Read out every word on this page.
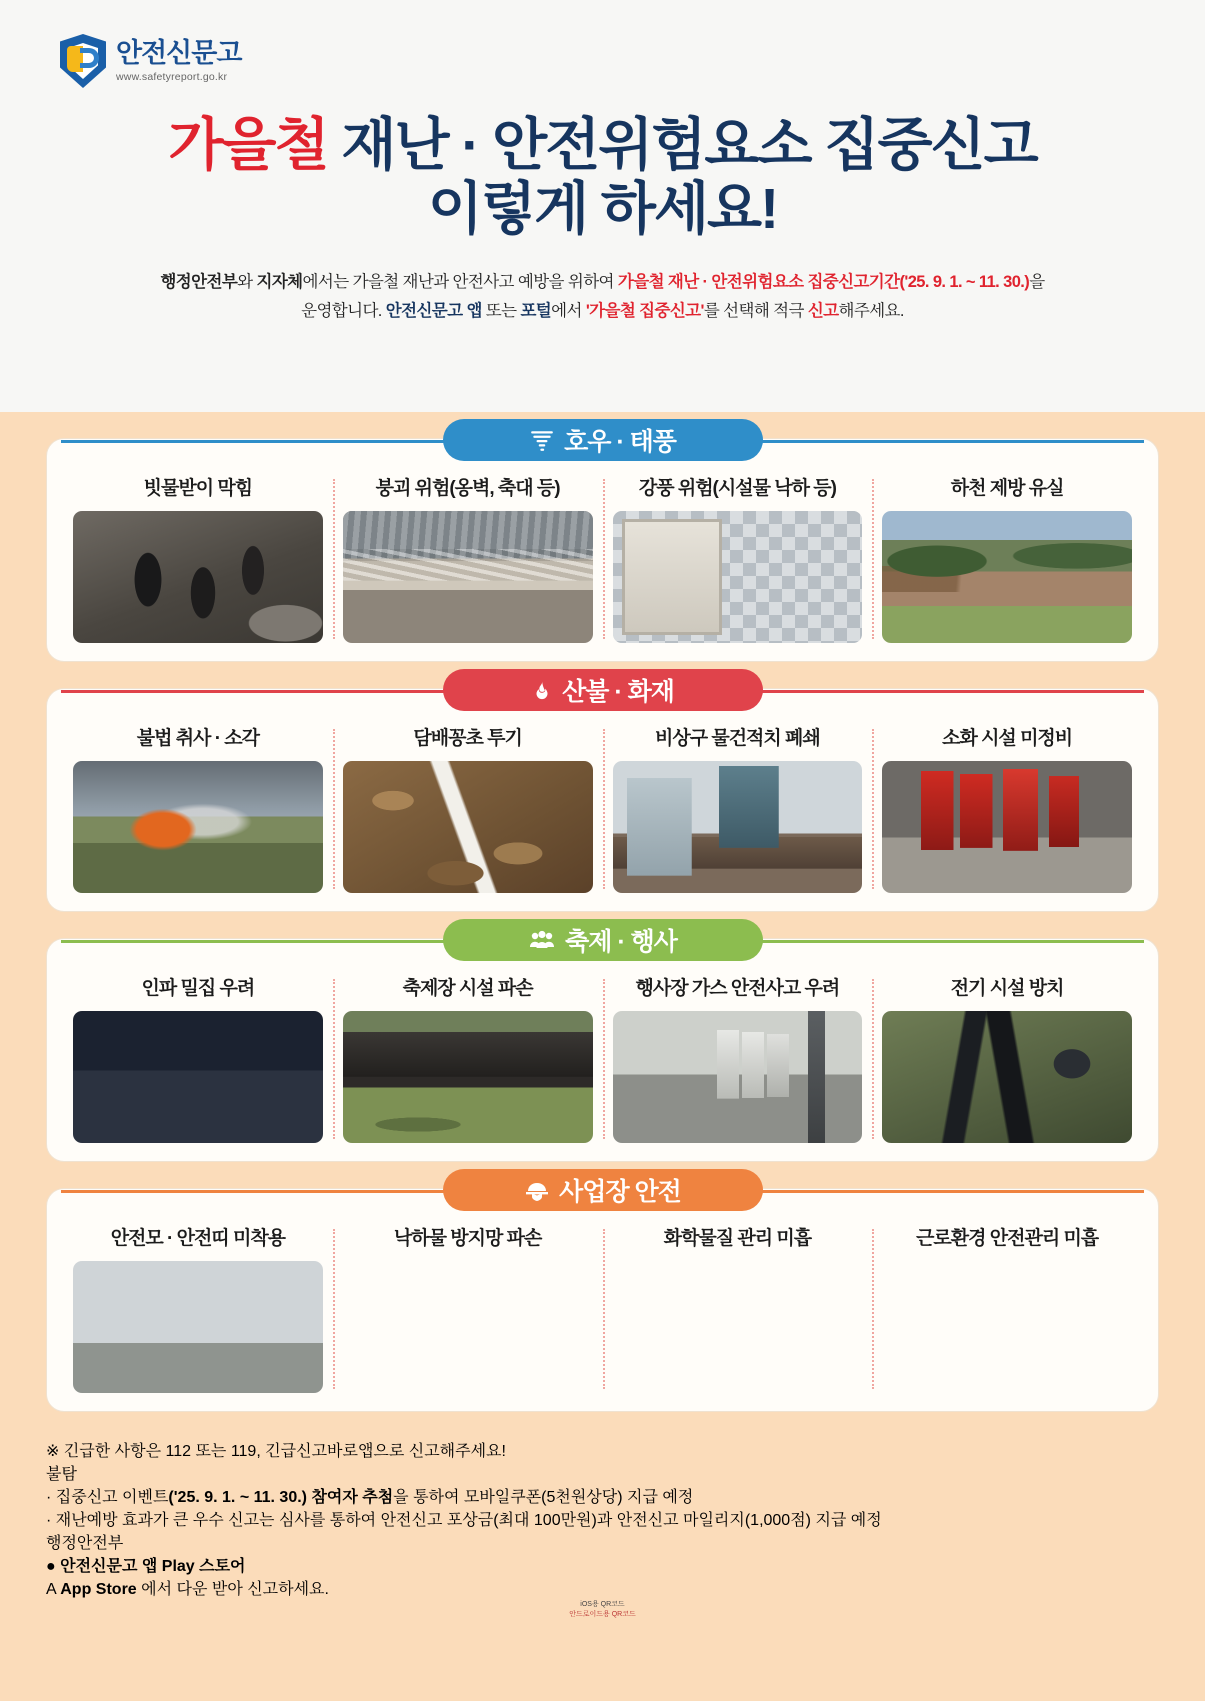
안전신문고
www.safetyreport.go.kr
가을철 재난 · 안전위험요소 집중신고
이렇게 하세요!
행정안전부와 지자체에서는 가을철 재난과 안전사고 예방을 위하여 가을철 재난 · 안전위험요소 집중신고기간('25. 9. 1. ~ 11. 30.)을
운영합니다. 안전신문고 앱 또는 포털에서 '가을철 집중신고'를 선택해 적극 신고해주세요.
호우 · 태풍
빗물받이 막힘	붕괴 위험(옹벽, 축대 등)	강풍 위험(시설물 낙하 등)	하천 제방 유실
산불 · 화재
불법 취사 · 소각	담배꽁초 투기	비상구 물건적치 폐쇄	소화 시설 미정비
축제 · 행사
인파 밀집 우려	축제장 시설 파손	행사장 가스 안전사고 우려	전기 시설 방치
사업장 안전
안전모 · 안전띠 미착용	낙하물 방지망 파손	화학물질 관리 미흡	근로환경 안전관리 미흡
※ 긴급한 사항은 112 또는 119, 긴급신고바로앱으로 신고해주세요!
불탐
· 집중신고 이벤트('25. 9. 1. ~ 11. 30.) 참여자 추첨을 통하여 모바일쿠폰(5천원상당) 지급 예정
· 재난예방 효과가 큰 우수 신고는 심사를 통하여 안전신고 포상금(최대 100만원)과 안전신고 마일리지(1,000점) 지급 예정
행정안전부
● 안전신문고 앱 Play 스토어
A App Store 에서 다운 받아 신고하세요.
iOS용 QR코드
안드로이드용 QR코드
